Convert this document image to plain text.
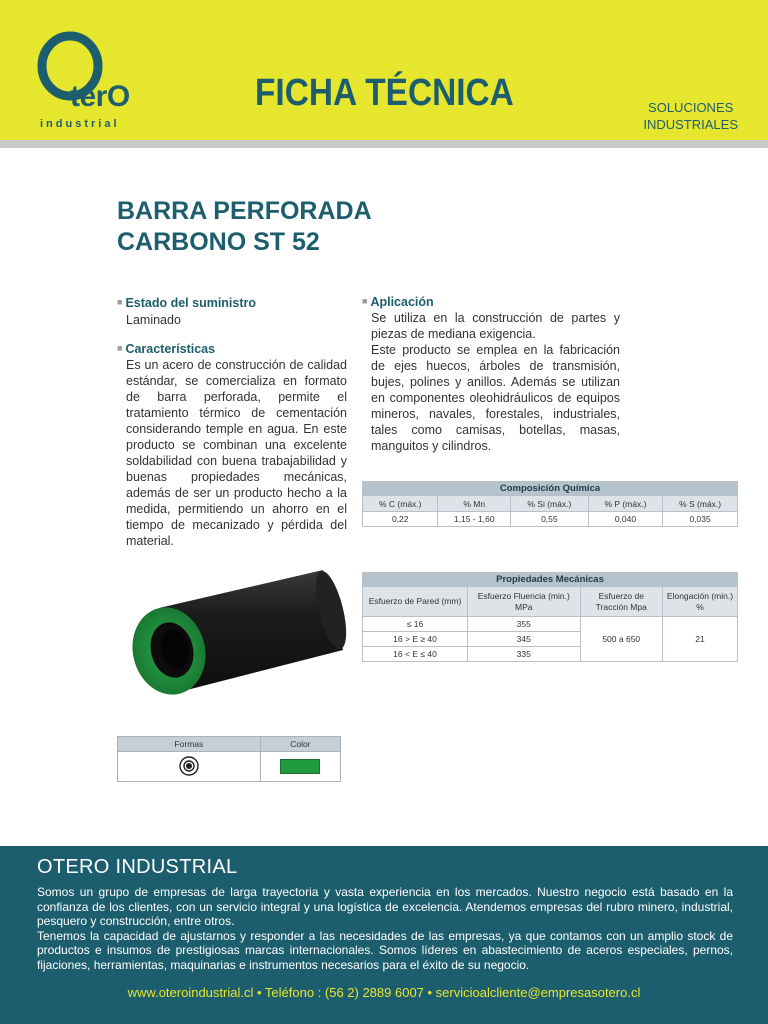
terO
industrial
FICHA TÉCNICA	SOLUCIONES
INDUSTRIALES
BARRA PERFORADA
CARBONO ST 52
■ Estado del suministro
Laminado
■ Características
Es un acero de construcción de calidad estándar, se comercializa en formato de barra perforada, permite el tratamiento térmico de cementación considerando temple en agua. En este producto se combinan una excelente soldabilidad con buena trabajabilidad y buenas propiedades mecánicas, además de ser un producto hecho a la medida, permitiendo un ahorro en el tiempo de mecanizado y pérdida del material.
■ Aplicación
Se utiliza en la construcción de partes y piezas de mediana exigencia.
Este producto se emplea en la fabricación de ejes huecos, árboles de transmisión, bujes, polines y anillos. Además se utilizan en componentes oleohidráulicos de equipos mineros, navales, forestales, industriales, tales como camisas, botellas, masas, manguitos y cilindros.
Composición Química				
% C (máx.)	% Mn	% Si (máx.)	% P (máx.)	% S (máx.)
0,22	1,15 - 1,60	0,55	0,040	0,035
Propiedades Mecánicas			
Esfuerzo de Pared (mm)	Esfuerzo Fluencia (min.) MPa	Esfuerzo de Tracción Mpa	Elongación (min.) %
≤ 16	355	500 a 650	21
16 > E ≥ 40	345		
16 < E ≤ 40	335		
Formas	Color

OTERO INDUSTRIAL

Somos un grupo de empresas de larga trayectoria y vasta experiencia en los mercados. Nuestro negocio está basado en la confianza de los clientes, con un servicio integral y una logística de excelencia. Atendemos empresas del rubro minero, industrial, pesquero y construcción, entre otros.

Tenemos la capacidad de ajustarnos y responder a las necesidades de las empresas, ya que contamos con un amplio stock de productos e insumos de prestigiosas marcas internacionales. Somos líderes en abastecimiento de aceros especiales, pernos, fijaciones, herramientas, maquinarias e instrumentos necesarios para el éxito de su negocio.

www.oteroindustrial.cl • Teléfono : (56 2) 2889 6007 • servicioalcliente@empresasotero.cl
